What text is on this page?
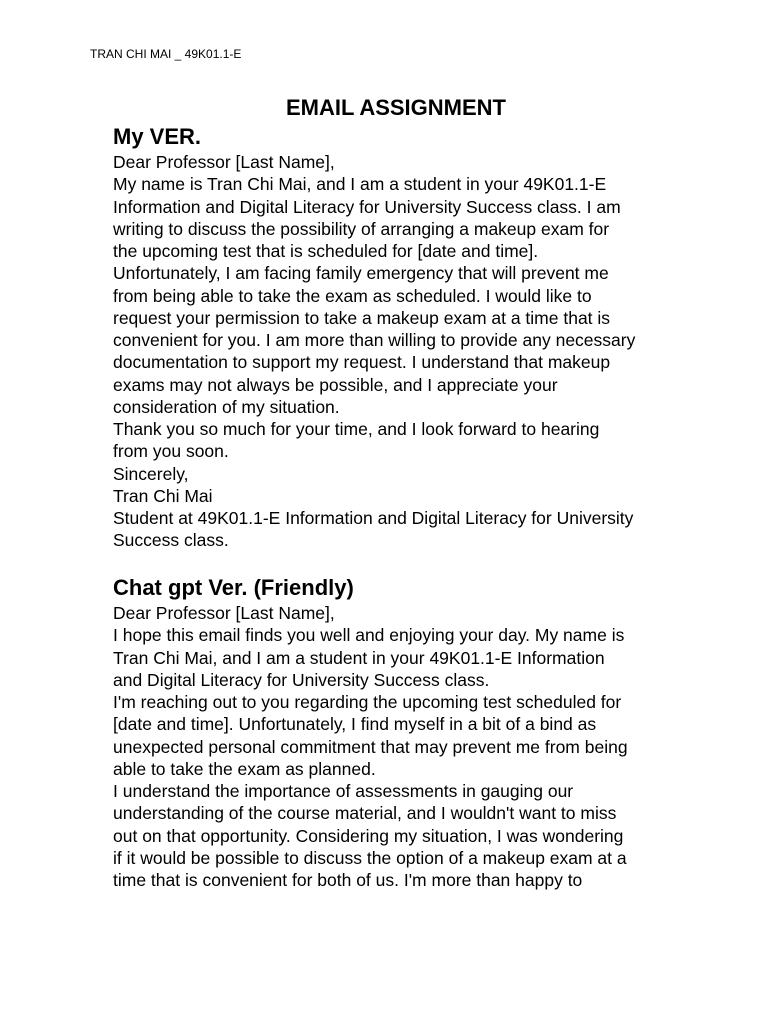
TRAN CHI MAI _ 49K01.1-E
EMAIL ASSIGNMENT
My VER.
Dear Professor [Last Name],
My name is Tran Chi Mai, and I am a student in your 49K01.1-E
Information and Digital Literacy for University Success class. I am
writing to discuss the possibility of arranging a makeup exam for
the upcoming test that is scheduled for [date and time].
Unfortunately, I am facing family emergency that will prevent me
from being able to take the exam as scheduled. I would like to
request your permission to take a makeup exam at a time that is
convenient for you. I am more than willing to provide any necessary
documentation to support my request. I understand that makeup
exams may not always be possible, and I appreciate your
consideration of my situation.
Thank you so much for your time, and I look forward to hearing
from you soon.
Sincerely,
Tran Chi Mai
Student at 49K01.1-E Information and Digital Literacy for University
Success class.
Chat gpt Ver. (Friendly)
Dear Professor [Last Name],
I hope this email finds you well and enjoying your day. My name is
Tran Chi Mai, and I am a student in your 49K01.1-E Information
and Digital Literacy for University Success class.
I'm reaching out to you regarding the upcoming test scheduled for
[date and time]. Unfortunately, I find myself in a bit of a bind as
unexpected personal commitment that may prevent me from being
able to take the exam as planned.
I understand the importance of assessments in gauging our
understanding of the course material, and I wouldn't want to miss
out on that opportunity. Considering my situation, I was wondering
if it would be possible to discuss the option of a makeup exam at a
time that is convenient for both of us. I'm more than happy to
